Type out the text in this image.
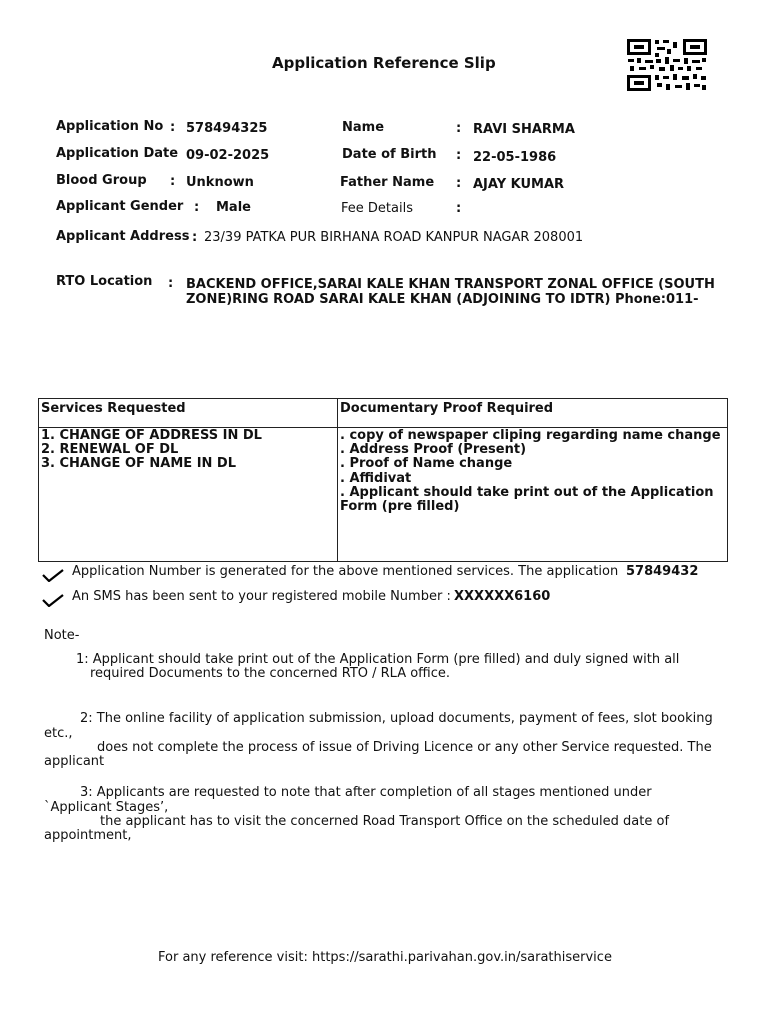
Application Reference Slip
Application No : 578494325
Application Date 09-02-2025
Blood Group : Unknown
Applicant Gender : Male
Name	: RAVI SHARMA
Date of Birth : 22-05-1986
Father Name : AJAY KUMAR
Fee Details	:
Applicant Address : 23/39 PATKA PUR BIRHANA ROAD KANPUR NAGAR 208001
RTO Location : BACKEND OFFICE,SARAI KALE KHAN TRANSPORT ZONAL OFFICE (SOUTH
ZONE)RING ROAD SARAI KALE KHAN (ADJOINING TO IDTR) Phone:011-
Services Requested	Documentary Proof Required
1. CHANGE OF ADDRESS IN DL
2. RENEWAL OF DL
3. CHANGE OF NAME IN DL
. copy of newspaper cliping regarding name change
. Address Proof (Present)
. Proof of Name change
. Affidivat
. Applicant should take print out of the Application
Form (pre filled)
Application Number is generated for the above mentioned services. The application 57849432
An SMS has been sent to your registered mobile Number : XXXXXX6160
Note-
1: Applicant should take print out of the Application Form (pre filled) and duly signed with all
required Documents to the concerned RTO / RLA office.
2: The online facility of application submission, upload documents, payment of fees, slot booking
etc.,
does not complete the process of issue of Driving Licence or any other Service requested. The
applicant
3: Applicants are requested to note that after completion of all stages mentioned under
`Applicant Stages’,
the applicant has to visit the concerned Road Transport Office on the scheduled date of
appointment,
For any reference visit: https://sarathi.parivahan.gov.in/sarathiservice
